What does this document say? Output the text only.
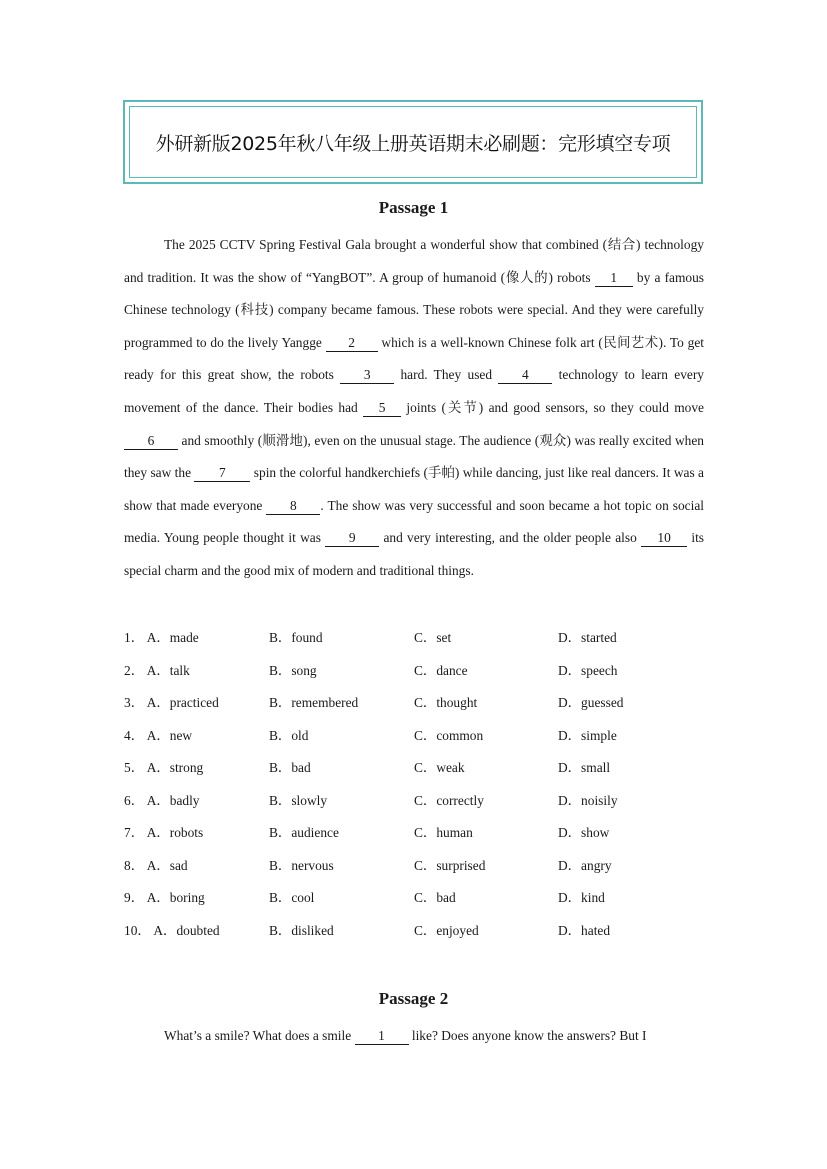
外研新版2025年秋八年级上册英语期末必刷题：完形填空专项
Passage 1
The 2025 CCTV Spring Festival Gala brought a wonderful show that combined (结合) technology and tradition. It was the show of “YangBOT”. A group of humanoid (像人的) robots 1 by a famous Chinese technology (科技) company became famous. These robots were special. And they were carefully programmed to do the lively Yangge 2 which is a well-known Chinese folk art (民间艺术). To get ready for this great show, the robots 3 hard. They used 4 technology to learn every movement of the dance. Their bodies had 5 joints (关节) and good sensors, so they could move 6 and smoothly (顺滑地), even on the unusual stage. The audience (观众) was really excited when they saw the 7 spin the colorful handkerchiefs (手帕) while dancing, just like real dancers. It was a show that made everyone 8 . The show was very successful and soon became a hot topic on social media. Young people thought it was 9 and very interesting, and the older people also 10 its special charm and the good mix of modern and traditional things.
1． A．made	B．found	C．set	D．started
2． A．talk	B．song	C．dance	D．speech
3． A．practiced	B．remembered	C．thought	D．guessed
4． A．new	B．old	C．common	D．simple
5． A．strong	B．bad	C．weak	D．small
6． A．badly	B．slowly	C．correctly	D．noisily
7． A．robots	B．audience	C．human	D．show
8． A．sad	B．nervous	C．surprised	D．angry
9． A．boring	B．cool	C．bad	D．kind
10． A．doubted	B．disliked	C．enjoyed	D．hated
Passage 2
What’s a smile? What does a smile 1 like? Does anyone know the answers? But I
